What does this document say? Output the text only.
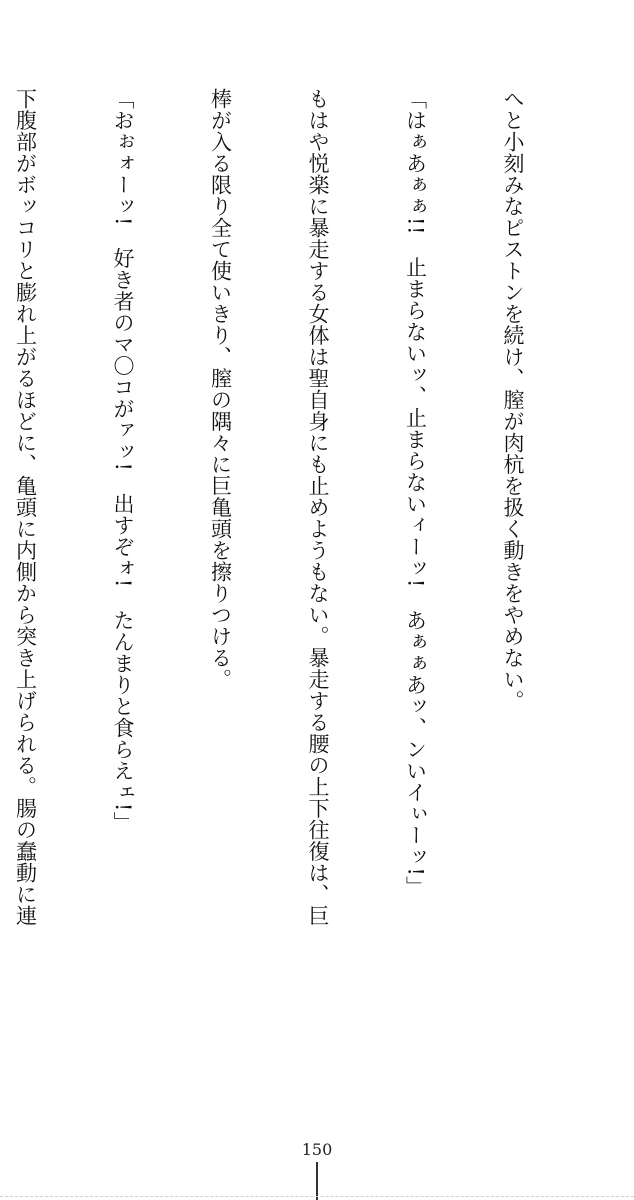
へと小刻みなピストンを続け、膣が肉杭を扱く動きをやめない。

「はぁあぁぁ!!　止まらないッ、止まらないィーッ!　あぁぁあッ、ンいイぃーッ!」

もはや悦楽に暴走する女体は聖自身にも止めようもない。暴走する腰の上下往復は、巨

棒が入る限り全て使いきり、膣の隅々に巨亀頭を擦りつける。

「おぉォーッ!　好き者のマ〇コがァッ!　出すぞォ!　たんまりと食らえェ!」

下腹部がボッコリと膨れ上がるほどに、亀頭に内側から突き上げられる。腸の蠢動に連

150
